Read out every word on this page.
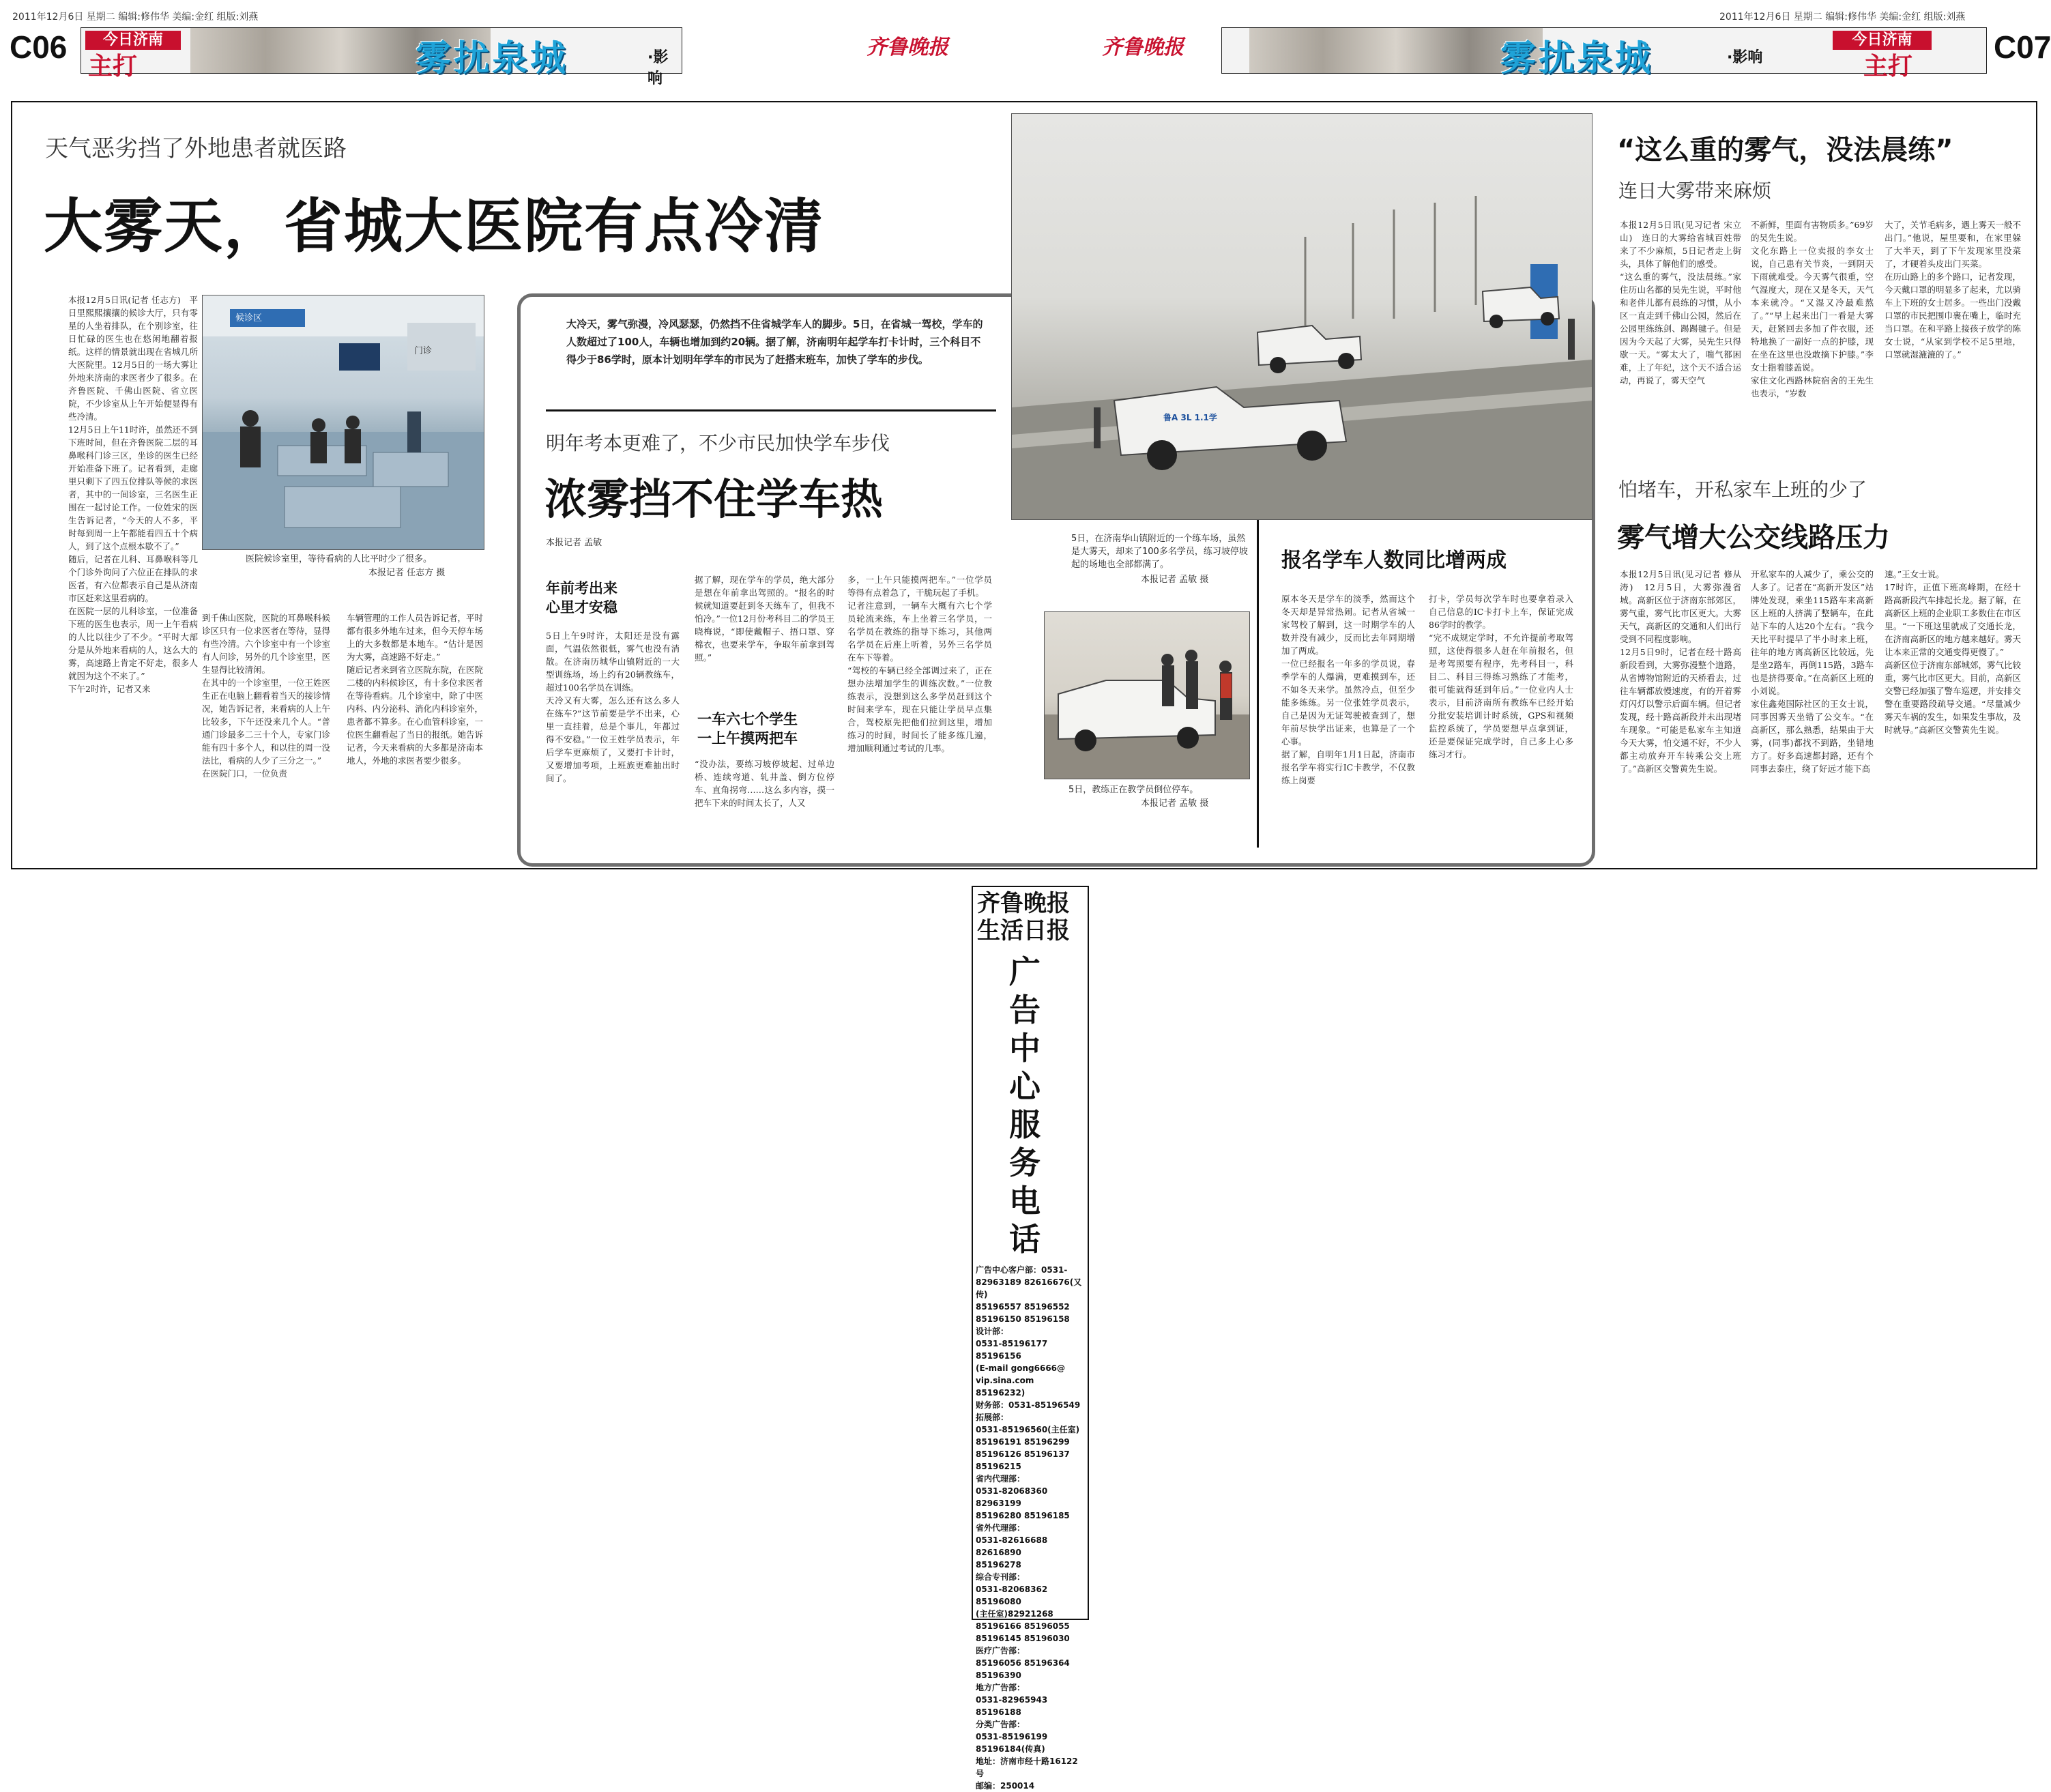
2011年12月6日 星期二 编辑:修伟华 美编:金红 组版:刘燕	2011年12月6日 星期二 编辑:修伟华 美编:金红 组版:刘燕
C06	今日济南
主打	雾扰泉城	·影响
齐鲁晚报	齐鲁晚报	雾扰泉城	·影响
今日济南
主打
C07
天气恶劣挡了外地患者就医路
大雾天，省城大医院有点冷清
本报12月5日讯(记者 任志方)　平日里熙熙攘攘的候诊大厅，只有零星的人坐着排队，在个别诊室，往日忙碌的医生也在悠闲地翻着报纸。这样的情景就出现在省城几所大医院里。12月5日的一场大雾让外地来济南的求医者少了很多。在齐鲁医院、千佛山医院、省立医院，不少诊室从上午开始便显得有些冷清。
12月5日上午11时许，虽然还不到下班时间，但在齐鲁医院二层的耳鼻喉科门诊三区，坐诊的医生已经开始准备下班了。记者看到，走廊里只剩下了四五位排队等候的求医者，其中的一间诊室，三名医生正围在一起讨论工作。一位姓宋的医生告诉记者，“今天的人不多，平时每到周一上午都能看四五十个病人，到了这个点根本歇不了。”
随后，记者在儿科、耳鼻喉科等几个门诊外询问了六位正在排队的求医者，有六位都表示自己是从济南市区赶来这里看病的。
在医院一层的儿科诊室，一位准备下班的医生也表示，周一上午看病的人比以往少了不少。“平时大部分是从外地来看病的人，这么大的雾，高速路上肯定不好走，很多人就因为这个不来了。”
下午2时许，记者又来
候诊区
门诊
医院候诊室里，等待看病的人比平时少了很多。
本报记者 任志方 摄
到千佛山医院，医院的耳鼻喉科候诊区只有一位求医者在等待，显得有些冷清。六个诊室中有一个诊室有人问诊，另外的几个诊室里，医生显得比较清闲。
在其中的一个诊室里，一位王姓医生正在电脑上翻看着当天的接诊情况，她告诉记者，来看病的人上午比较多，下午还没来几个人。“普通门诊最多二三十个人，专家门诊能有四十多个人，和以往的周一没法比，看病的人少了三分之一。”
在医院门口，一位负责
车辆管理的工作人员告诉记者，平时都有很多外地车过来，但今天停车场上的大多数都是本地车。“估计是因为大雾，高速路不好走。”
随后记者来到省立医院东院，在医院二楼的内科候诊区，有十多位求医者在等待看病。几个诊室中，除了中医内科、内分泌科、消化内科诊室外，患者都不算多。在心血管科诊室，一位医生翻看起了当日的报纸。她告诉记者，今天来看病的大多都是济南本地人，外地的求医者要少很多。
大冷天，雾气弥漫，冷风瑟瑟，仍然挡不住省城学车人的脚步。5日，在省城一驾校，学车的人数超过了100人，车辆也增加到约20辆。据了解，济南明年起学车打卡计时，三个科目不得少于86学时，原本计划明年学车的市民为了赶搭末班车，加快了学车的步伐。
明年考本更难了，不少市民加快学车步伐
浓雾挡不住学车热
本报记者 孟敏
年前考出来
心里才安稳
5日上午9时许，太阳还是没有露面，气温依然很低，雾气也没有消散。在济南历城华山镇附近的一大型训练场，场上约有20辆教练车，超过100名学员在训练。
天冷又有大雾，怎么还有这么多人在练车?“这节前要是学不出来，心里一直挂着，总是个事儿，年都过得不安稳。”一位王姓学员表示，年后学车更麻烦了，又要打卡计时，又要增加考项，上班族更难抽出时间了。
据了解，现在学车的学员，绝大部分是想在年前拿出驾照的。“报名的时候就知道要赶到冬天练车了，但我不怕冷。”一位12月份考科目二的学员王晓梅说，“即使戴帽子、捂口罩、穿棉衣，也要来学车，争取年前拿到驾照。”
一车六七个学生
一上午摸两把车
“没办法，要练习坡停坡起、过单边桥、连续弯道、轧井盖、倒方位停车、直角拐弯……这么多内容，摸一把车下来的时间太长了，人又
多，一上午只能摸两把车。”一位学员等得有点着急了，干脆玩起了手机。
记者注意到，一辆车大概有六七个学员轮流来练，车上坐着三名学员，一名学员在教练的指导下练习，其他两名学员在后座上听着，另外三名学员在车下等着。
“驾校的车辆已经全部调过来了，正在想办法增加学生的训练次数。”一位教练表示，没想到这么多学员赶到这个时间来学车，现在只能让学员早点集合，驾校原先把他们拉到这里，增加练习的时间，时间长了能多练几遍，增加顺利通过考试的几率。
鲁A 3L 1.1学
5日，在济南华山镇附近的一个练车场，虽然是大雾天，却来了100多名学员，练习坡停坡起的场地也全部都满了。
本报记者 孟敏 摄
5日，教练正在教学员倒位停车。
本报记者 孟敏 摄
报名学车人数同比增两成
原本冬天是学车的淡季，然而这个冬天却是异常热闹。记者从省城一家驾校了解到，这一时期学车的人数并没有减少，反而比去年同期增加了两成。
一位已经报名一年多的学员说，春季学车的人爆满，更难摸到车，还不如冬天来学。虽然冷点，但至少能多练练。另一位张姓学员表示，自己是因为无证驾驶被查到了，想年前尽快学出证来，也算是了一个心事。
据了解，自明年1月1日起，济南市报名学车将实行IC卡教学，不仅教练上岗要
打卡，学员每次学车时也要拿着录入自己信息的IC卡打卡上车，保证完成86学时的教学。
“完不成规定学时，不允许提前考取驾照，这使得很多人赶在年前报名，但是考驾照要有程序，先考科目一，科目二、科目三得练习熟练了才能考，很可能就得延到年后。”一位业内人士表示，目前济南所有教练车已经开始分批安装培训计时系统，GPS和视频监控系统了，学员要想早点拿到证，还是要保证完成学时，自己多上心多练习才行。
“这么重的雾气，没法晨练”
连日大雾带来麻烦
本报12月5日讯(见习记者 宋立山)　连日的大雾给省城百姓带来了不少麻烦，5日记者走上街头，具体了解他们的感受。
“这么重的雾气，没法晨练。”家住历山名都的吴先生说，平时他和老伴儿都有晨练的习惯，从小区一直走到千佛山公园，然后在公园里练练剑、踢踢毽子。但是因为今天起了大雾，吴先生只得歇一天。“雾太大了，喘气都困难，上了年纪，这个天不适合运动，再说了，雾天空气
不新鲜，里面有害物质多。”69岁的吴先生说。
文化东路上一位卖报的李女士说，自己患有关节炎，一到阴天下雨就难受。今天雾气很重，空气湿度大，现在又是冬天，天气本来就冷。“又湿又冷最难熬了。”“早上起来出门一看是大雾天，赶紧回去多加了件衣服，还特地换了一副好一点的护膝，现在坐在这里也没敢摘下护膝。”李女士指着膝盖说。
家住文化西路林院宿舍的王先生也表示，“岁数
大了，关节毛病多，遇上雾天一般不出门。”他说，屋里要和，在家里躲了大半天，到了下午发现家里没菜了，才硬着头皮出门买菜。
在历山路上的多个路口，记者发现，今天戴口罩的明显多了起来，尤以骑车上下班的女士居多。一些出门没戴口罩的市民把围巾裹在嘴上，临时充当口罩。在和平路上接孩子放学的陈女士说，“从家到学校不足5里地，口罩就湿漉漉的了。”
怕堵车，开私家车上班的少了
雾气增大公交线路压力
本报12月5日讯(见习记者 修从涛)　12月5日，大雾弥漫省城。高新区位于济南东部郊区，雾气重，雾气比市区更大。大雾天气，高新区的交通和人们出行受到不同程度影响。
12月5日9时，记者在经十路高新段看到，大雾弥漫整个道路，从省博物馆附近的天桥看去，过往车辆都放慢速度，有的开着雾灯闪灯以警示后面车辆。但记者发现，经十路高新段并未出现堵车现象。“可能是私家车主知道今天大雾，怕交通不好，不少人都主动放弃开车转乘公交上班了。”高新区交警黄先生说。
开私家车的人减少了，乘公交的人多了。记者在“高新开发区”站牌处发现，乘坐115路车来高新区上班的人挤满了整辆车，在此站下车的人达20个左右。“我今天比平时提早了半小时来上班，往年的地方离高新区比较远，先是坐2路车，再倒115路，3路车也是挤得要命。”在高新区上班的小刘说。
家住鑫苑国际社区的王女士说，同事因雾天坐错了公交车。“在高新区，那么熟悉，结果由于大雾，(同事)都找不到路，坐错地方了。好多高速都封路，还有个同事去泰庄，绕了好远才能下高
速。”王女士说。
17时许，正值下班高峰期，在经十路高新段汽车排起长龙。据了解，在高新区上班的企业职工多数住在市区里。“一下班这里就成了交通长龙，在济南高新区的地方越来越好。雾天让本来正常的交通变得更慢了。”
高新区位于济南东部城郊，雾气比较重，雾气比市区更大。目前，高新区交警已经加强了警车巡逻，并安排交警在重要路段疏导交通。“尽量减少雾天车祸的发生，如果发生事故，及时就导。”高新区交警黄先生说。
齐鲁晚报
生活日报
广告中心服务电话
广告中心客户部：0531-
82963189 82616676(又传)
85196557 85196552
85196150 85196158
设计部：
0531-85196177 85196156
(E-mail gong6666@
vip.sina.com 85196232)
财务部：0531-85196549
拓展部：
0531-85196560(主任室)
85196191 85196299
85196126 85196137
85196215
省内代理部：
0531-82068360 82963199
85196280 85196185
省外代理部：
0531-82616688 82616890
85196278
综合专刊部：
0531-82068362 85196080
(主任室)82921268
85196166 85196055
85196145 85196030
医疗广告部：
85196056 85196364
85196390
地方广告部：
0531-82965943 85196188
分类广告部：
0531-85196199
85196184(传真)
地址：济南市经十路16122号
邮编：250014
